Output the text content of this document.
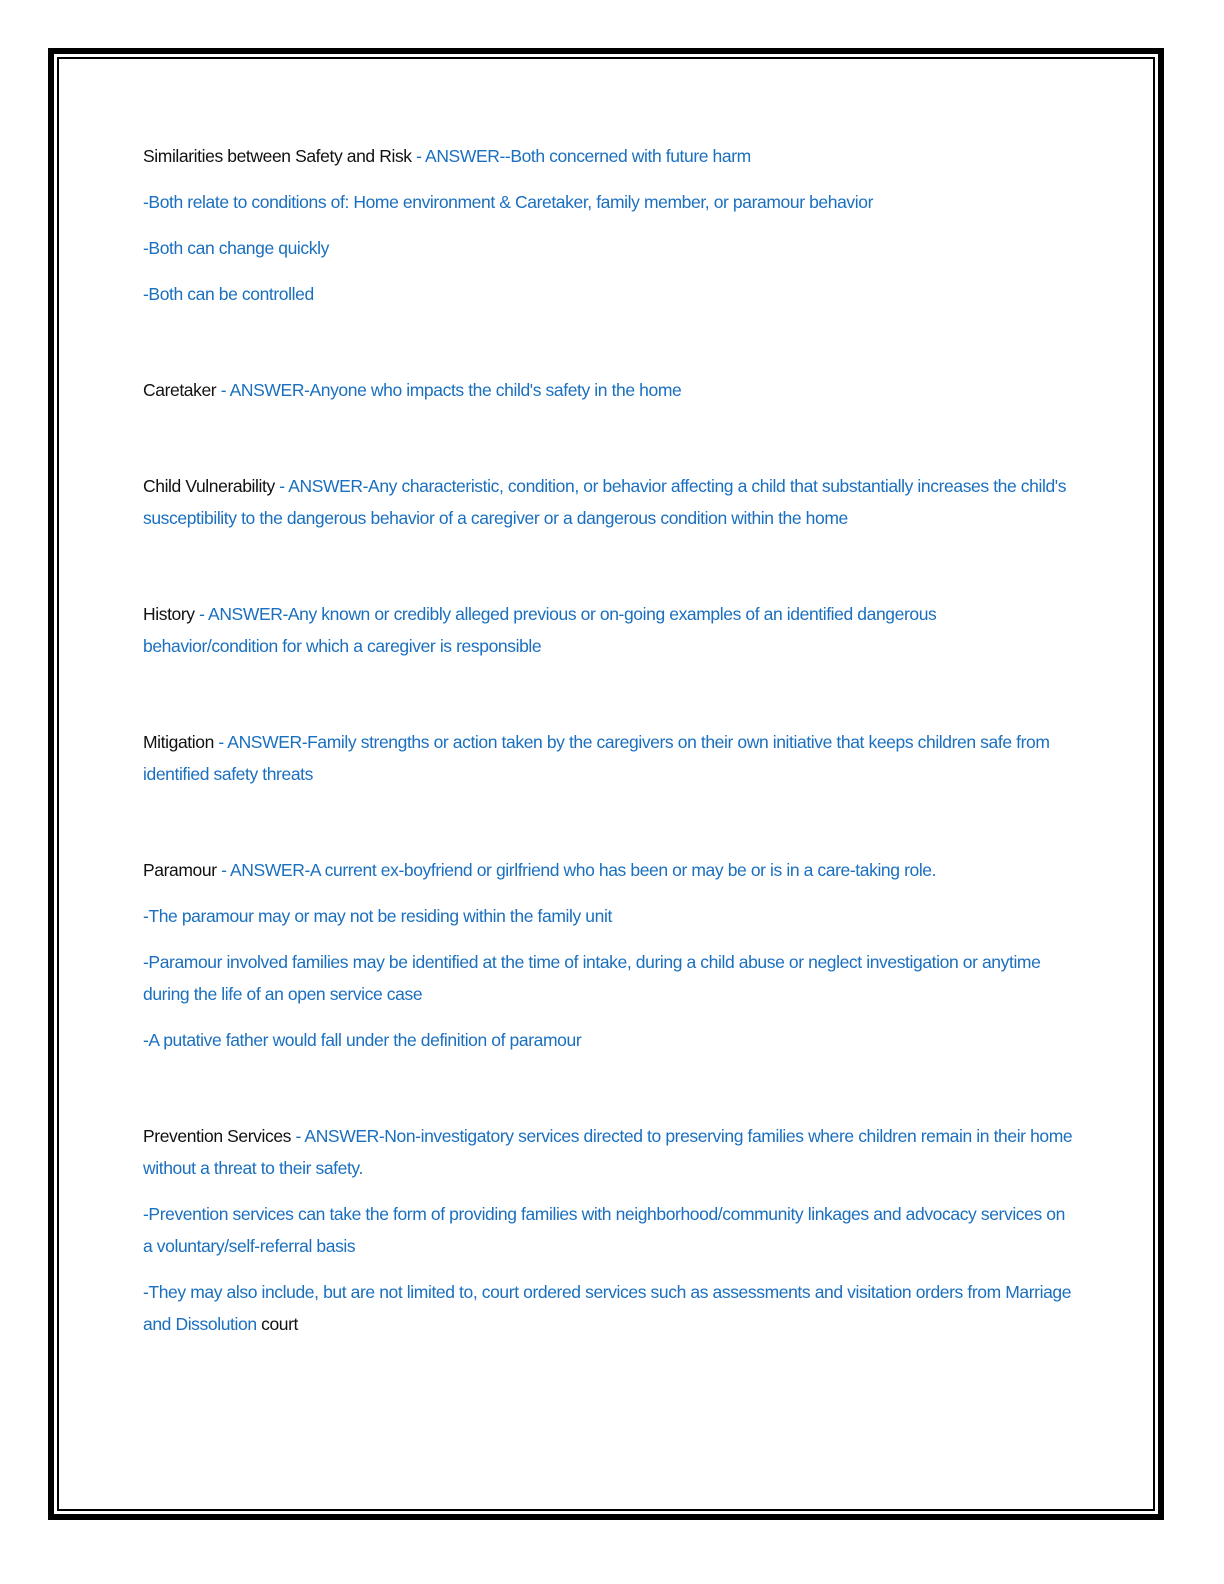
Similarities between Safety and Risk - ANSWER--Both concerned with future harm

-Both relate to conditions of: Home environment & Caretaker, family member, or paramour behavior

-Both can change quickly

-Both can be controlled

Caretaker - ANSWER-Anyone who impacts the child's safety in the home

Child Vulnerability - ANSWER-Any characteristic, condition, or behavior affecting a child that substantially increases the child's susceptibility to the dangerous behavior of a caregiver or a dangerous condition within the home

History - ANSWER-Any known or credibly alleged previous or on-going examples of an identified dangerous behavior/condition for which a caregiver is responsible

Mitigation - ANSWER-Family strengths or action taken by the caregivers on their own initiative that keeps children safe from identified safety threats

Paramour - ANSWER-A current ex-boyfriend or girlfriend who has been or may be or is in a care-taking role.

-The paramour may or may not be residing within the family unit

-Paramour involved families may be identified at the time of intake, during a child abuse or neglect investigation or anytime during the life of an open service case

-A putative father would fall under the definition of paramour

Prevention Services - ANSWER-Non-investigatory services directed to preserving families where children remain in their home without a threat to their safety.

-Prevention services can take the form of providing families with neighborhood/community linkages and advocacy services on a voluntary/self-referral basis

-They may also include, but are not limited to, court ordered services such as assessments and visitation orders from Marriage and Dissolution court
